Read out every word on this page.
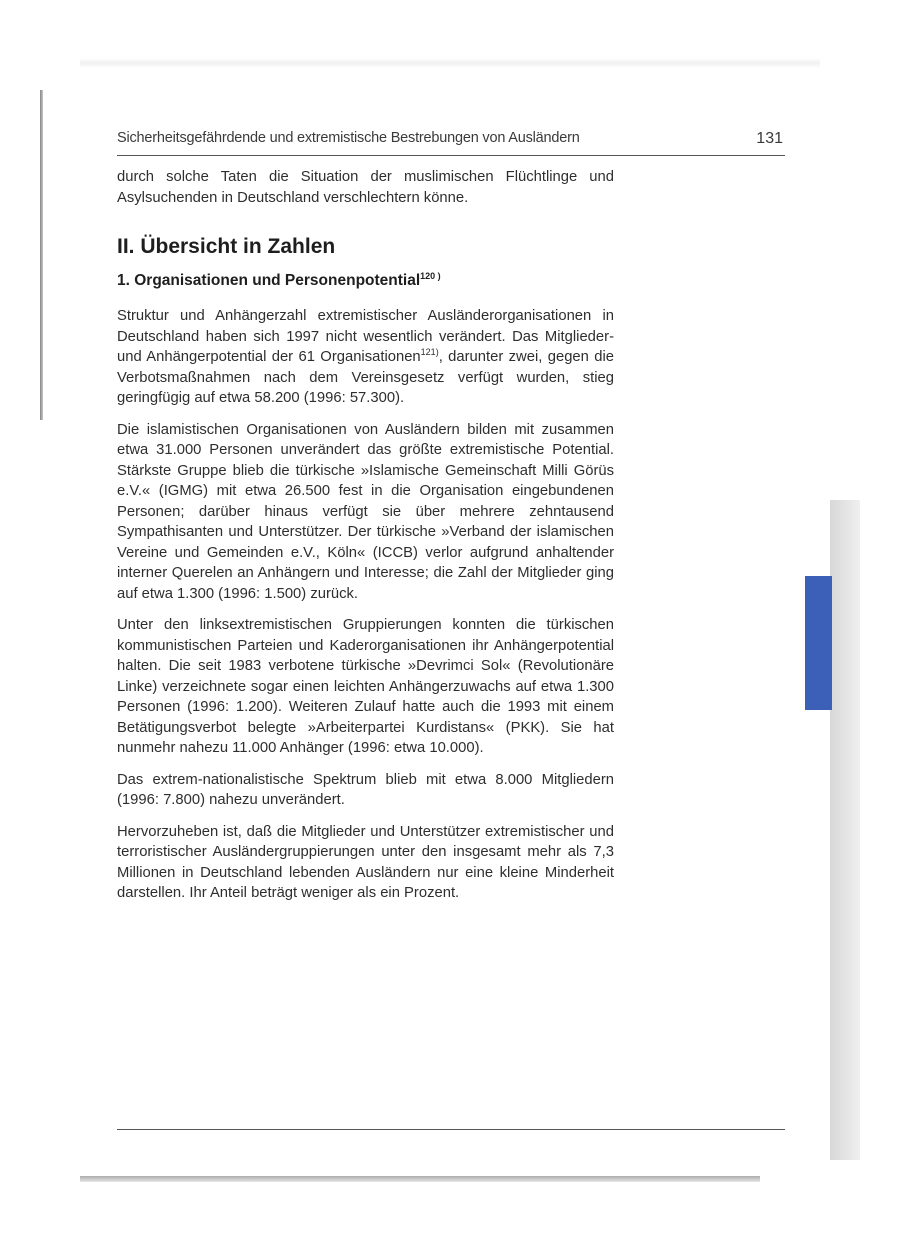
Sicherheitsgefährdende und extremistische Bestrebungen von Ausländern	131

durch solche Taten die Situation der muslimischen Flüchtlinge und Asylsuchenden in Deutschland verschlechtern könne.

II. Übersicht in Zahlen
1. Organisationen und Personenpotential$^{120 )}$

Struktur und Anhängerzahl extremistischer Ausländerorganisationen in Deutschland haben sich 1997 nicht wesentlich verändert. Das Mitglieder- und Anhängerpotential der 61 Organisationen$^{121)}$, darunter zwei, gegen die Verbotsmaßnahmen nach dem Vereinsgesetz verfügt wurden, stieg geringfügig auf etwa 58.200 (1996: 57.300).

Die islamistischen Organisationen von Ausländern bilden mit zusammen etwa 31.000 Personen unverändert das größte extremistische Potential. Stärkste Gruppe blieb die türkische »Islamische Gemeinschaft Milli Görüs e.V.« (IGMG) mit etwa 26.500 fest in die Organisation eingebundenen Personen; darüber hinaus verfügt sie über mehrere zehntausend Sympathisanten und Unterstützer. Der türkische »Verband der islamischen Vereine und Gemeinden e.V., Köln« (ICCB) verlor aufgrund anhaltender interner Querelen an Anhängern und Interesse; die Zahl der Mitglieder ging auf etwa 1.300 (1996: 1.500) zurück.

Unter den linksextremistischen Gruppierungen konnten die türkischen kommunistischen Parteien und Kaderorganisationen ihr Anhängerpotential halten. Die seit 1983 verbotene türkische »Devrimci Sol« (Revolutionäre Linke) verzeichnete sogar einen leichten Anhängerzuwachs auf etwa 1.300 Personen (1996: 1.200). Weiteren Zulauf hatte auch die 1993 mit einem Betätigungsverbot belegte »Arbeiterpartei Kurdistans« (PKK). Sie hat nunmehr nahezu 11.000 Anhänger (1996: etwa 10.000).

Das extrem-nationalistische Spektrum blieb mit etwa 8.000 Mitgliedern (1996: 7.800) nahezu unverändert.

Hervorzuheben ist, daß die Mitglieder und Unterstützer extremistischer und terroristischer Ausländergruppierungen unter den insgesamt mehr als 7,3 Millionen in Deutschland lebenden Ausländern nur eine kleine Minderheit darstellen. Ihr Anteil beträgt weniger als ein Prozent.
